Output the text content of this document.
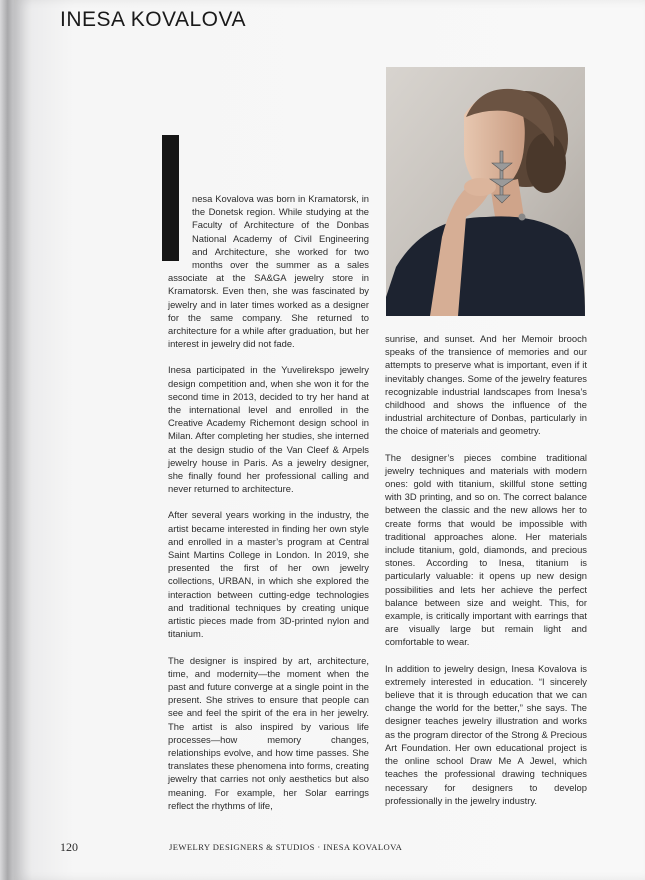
INESA KOVALOVA

nesa Kovalova was born in Kramatorsk, in the Donetsk region. While studying at the Faculty of Architecture of the Donbas National Academy of Civil Engineering and Architecture, she worked for two months over the summer as a sales associate at the SA&GA jewelry store in Kramatorsk. Even then, she was fascinated by jewelry and in later times worked as a designer for the same company. She returned to architecture for a while after graduation, but her interest in jewelry did not fade.

Inesa participated in the Yuvelirekspo jewelry design competition and, when she won it for the second time in 2013, decided to try her hand at the international level and enrolled in the Creative Academy Richemont design school in Milan. After completing her studies, she interned at the design studio of the Van Cleef & Arpels jewelry house in Paris. As a jewelry designer, she finally found her professional calling and never returned to architecture.

After several years working in the industry, the artist became interested in finding her own style and enrolled in a master’s program at Central Saint Martins College in London. In 2019, she presented the first of her own jewelry collections, URBAN, in which she explored the interaction between cutting-edge technologies and traditional techniques by creating unique artistic pieces made from 3D-printed nylon and titanium.

The designer is inspired by art, architecture, time, and modernity—the moment when the past and future converge at a single point in the present. She strives to ensure that people can see and feel the spirit of the era in her jewelry. The artist is also inspired by various life processes—how memory changes, relationships evolve, and how time passes. She translates these phenomena into forms, creating jewelry that carries not only aesthetics but also meaning. For example, her Solar earrings reflect the rhythms of life,

sunrise, and sunset. And her Memoir brooch speaks of the transience of memories and our attempts to preserve what is important, even if it inevitably changes. Some of the jewelry features recognizable industrial landscapes from Inesa’s childhood and shows the influence of the industrial architecture of Donbas, particularly in the choice of materials and geometry.

The designer’s pieces combine traditional jewelry techniques and materials with modern ones: gold with titanium, skillful stone setting with 3D printing, and so on. The correct balance between the classic and the new allows her to create forms that would be impossible with traditional approaches alone. Her materials include titanium, gold, diamonds, and precious stones. According to Inesa, titanium is particularly valuable: it opens up new design possibilities and lets her achieve the perfect balance between size and weight. This, for example, is critically important with earrings that are visually large but remain light and comfortable to wear.

In addition to jewelry design, Inesa Kovalova is extremely interested in education. “I sincerely believe that it is through education that we can change the world for the better,” she says. The designer teaches jewelry illustration and works as the program director of the Strong & Precious Art Foundation. Her own educational project is the online school Draw Me A Jewel, which teaches the professional drawing techniques necessary for designers to develop professionally in the jewelry industry.

120	JEWELRY DESIGNERS & STUDIOS · INESA KOVALOVA
